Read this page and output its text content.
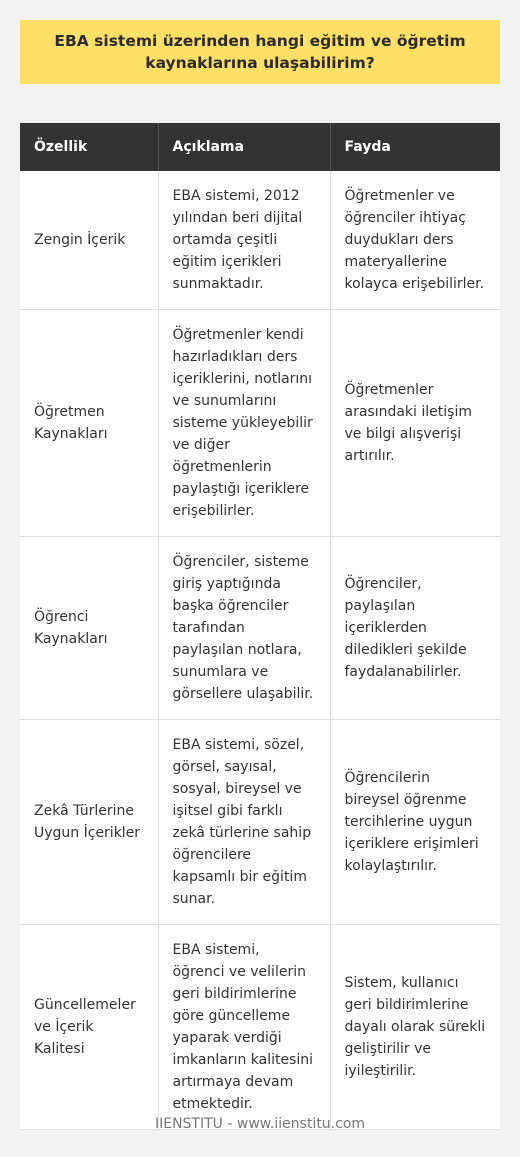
EBA sistemi üzerinden hangi eğitim ve öğretim kaynaklarına ulaşabilirim?
Özellik	Açıklama	Fayda
Zengin İçerik	EBA sistemi, 2012 yılından beri dijital ortamda çeşitli eğitim içerikleri sunmaktadır.	Öğretmenler ve öğrenciler ihtiyaç duydukları ders materyallerine kolayca erişebilirler.
Öğretmen Kaynakları	Öğretmenler kendi hazırladıkları ders içeriklerini, notlarını ve sunumlarını sisteme yükleyebilir ve diğer öğretmenlerin paylaştığı içeriklere erişebilirler.	Öğretmenler arasındaki iletişim ve bilgi alışverişi artırılır.
Öğrenci Kaynakları	Öğrenciler, sisteme giriş yaptığında başka öğrenciler tarafından paylaşılan notlara, sunumlara ve görsellere ulaşabilir.	Öğrenciler, paylaşılan içeriklerden diledikleri şekilde faydalanabilirler.
Zekâ Türlerine Uygun İçerikler	EBA sistemi, sözel, görsel, sayısal, sosyal, bireysel ve işitsel gibi farklı zekâ türlerine sahip öğrencilere kapsamlı bir eğitim sunar.	Öğrencilerin bireysel öğrenme tercihlerine uygun içeriklere erişimleri kolaylaştırılır.
Güncellemeler ve İçerik Kalitesi	EBA sistemi, öğrenci ve velilerin geri bildirimlerine göre güncelleme yaparak verdiği imkanların kalitesini artırmaya devam etmektedir.	Sistem, kullanıcı geri bildirimlerine dayalı olarak sürekli geliştirilir ve iyileştirilir.
IIENSTITU - www.iienstitu.com
